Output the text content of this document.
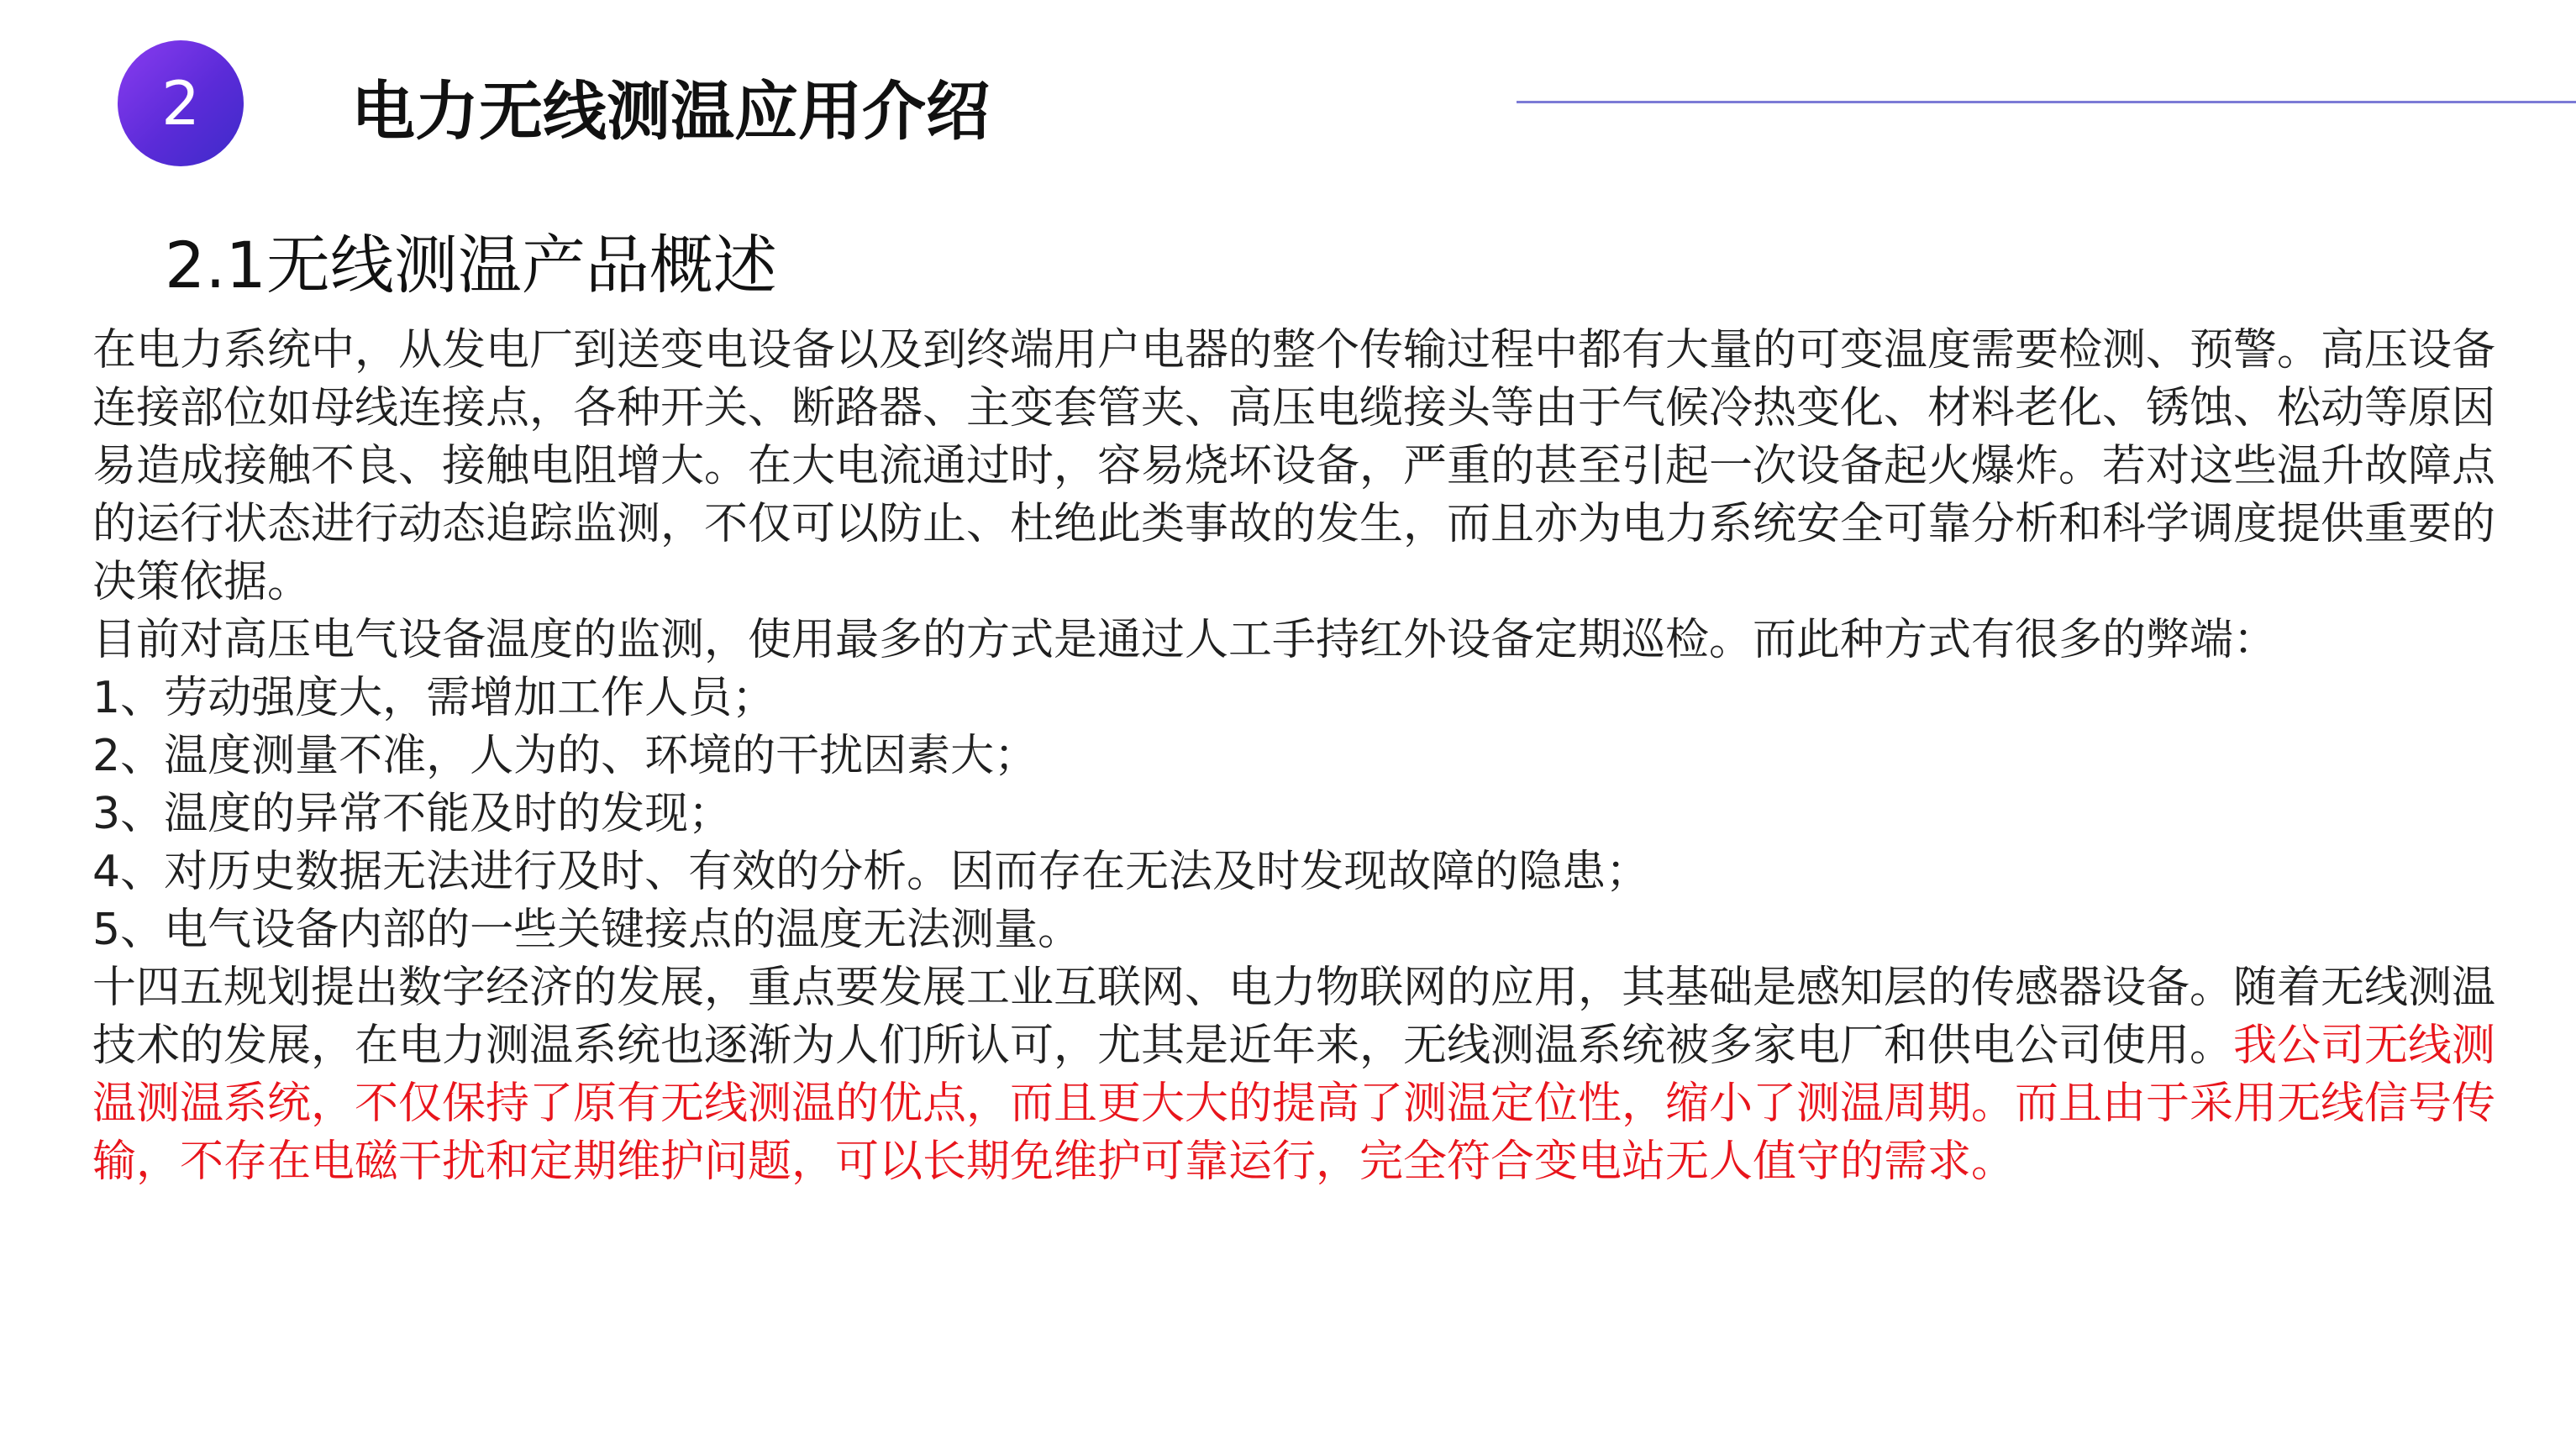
2 电力无线测温应用介绍
2.1无线测温产品概述

在电力系统中，从发电厂到送变电设备以及到终端用户电器的整个传输过程中都有大量的可变温度需要检测、预警。高压设备连接部位如母线连接点，各种开关、断路器、主变套管夹、高压电缆接头等由于气候冷热变化、材料老化、锈蚀、松动等原因易造成接触不良、接触电阻增大。在大电流通过时，容易烧坏设备，严重的甚至引起一次设备起火爆炸。若对这些温升故障点的运行状态进行动态追踪监测，不仅可以防止、杜绝此类事故的发生，而且亦为电力系统安全可靠分析和科学调度提供重要的决策依据。

目前对高压电气设备温度的监测，使用最多的方式是通过人工手持红外设备定期巡检。而此种方式有很多的弊端：

1、劳动强度大，需增加工作人员；

2、温度测量不准，人为的、环境的干扰因素大；

3、温度的异常不能及时的发现；

4、对历史数据无法进行及时、有效的分析。因而存在无法及时发现故障的隐患；

5、电气设备内部的一些关键接点的温度无法测量。

十四五规划提出数字经济的发展，重点要发展工业互联网、电力物联网的应用，其基础是感知层的传感器设备。随着无线测温技术的发展，在电力测温系统也逐渐为人们所认可，尤其是近年来，无线测温系统被多家电厂和供电公司使用。我公司无线测温测温系统，不仅保持了原有无线测温的优点，而且更大大的提高了测温定位性，缩小了测温周期。而且由于采用无线信号传输，不存在电磁干扰和定期维护问题，可以长期免维护可靠运行，完全符合变电站无人值守的需求。
